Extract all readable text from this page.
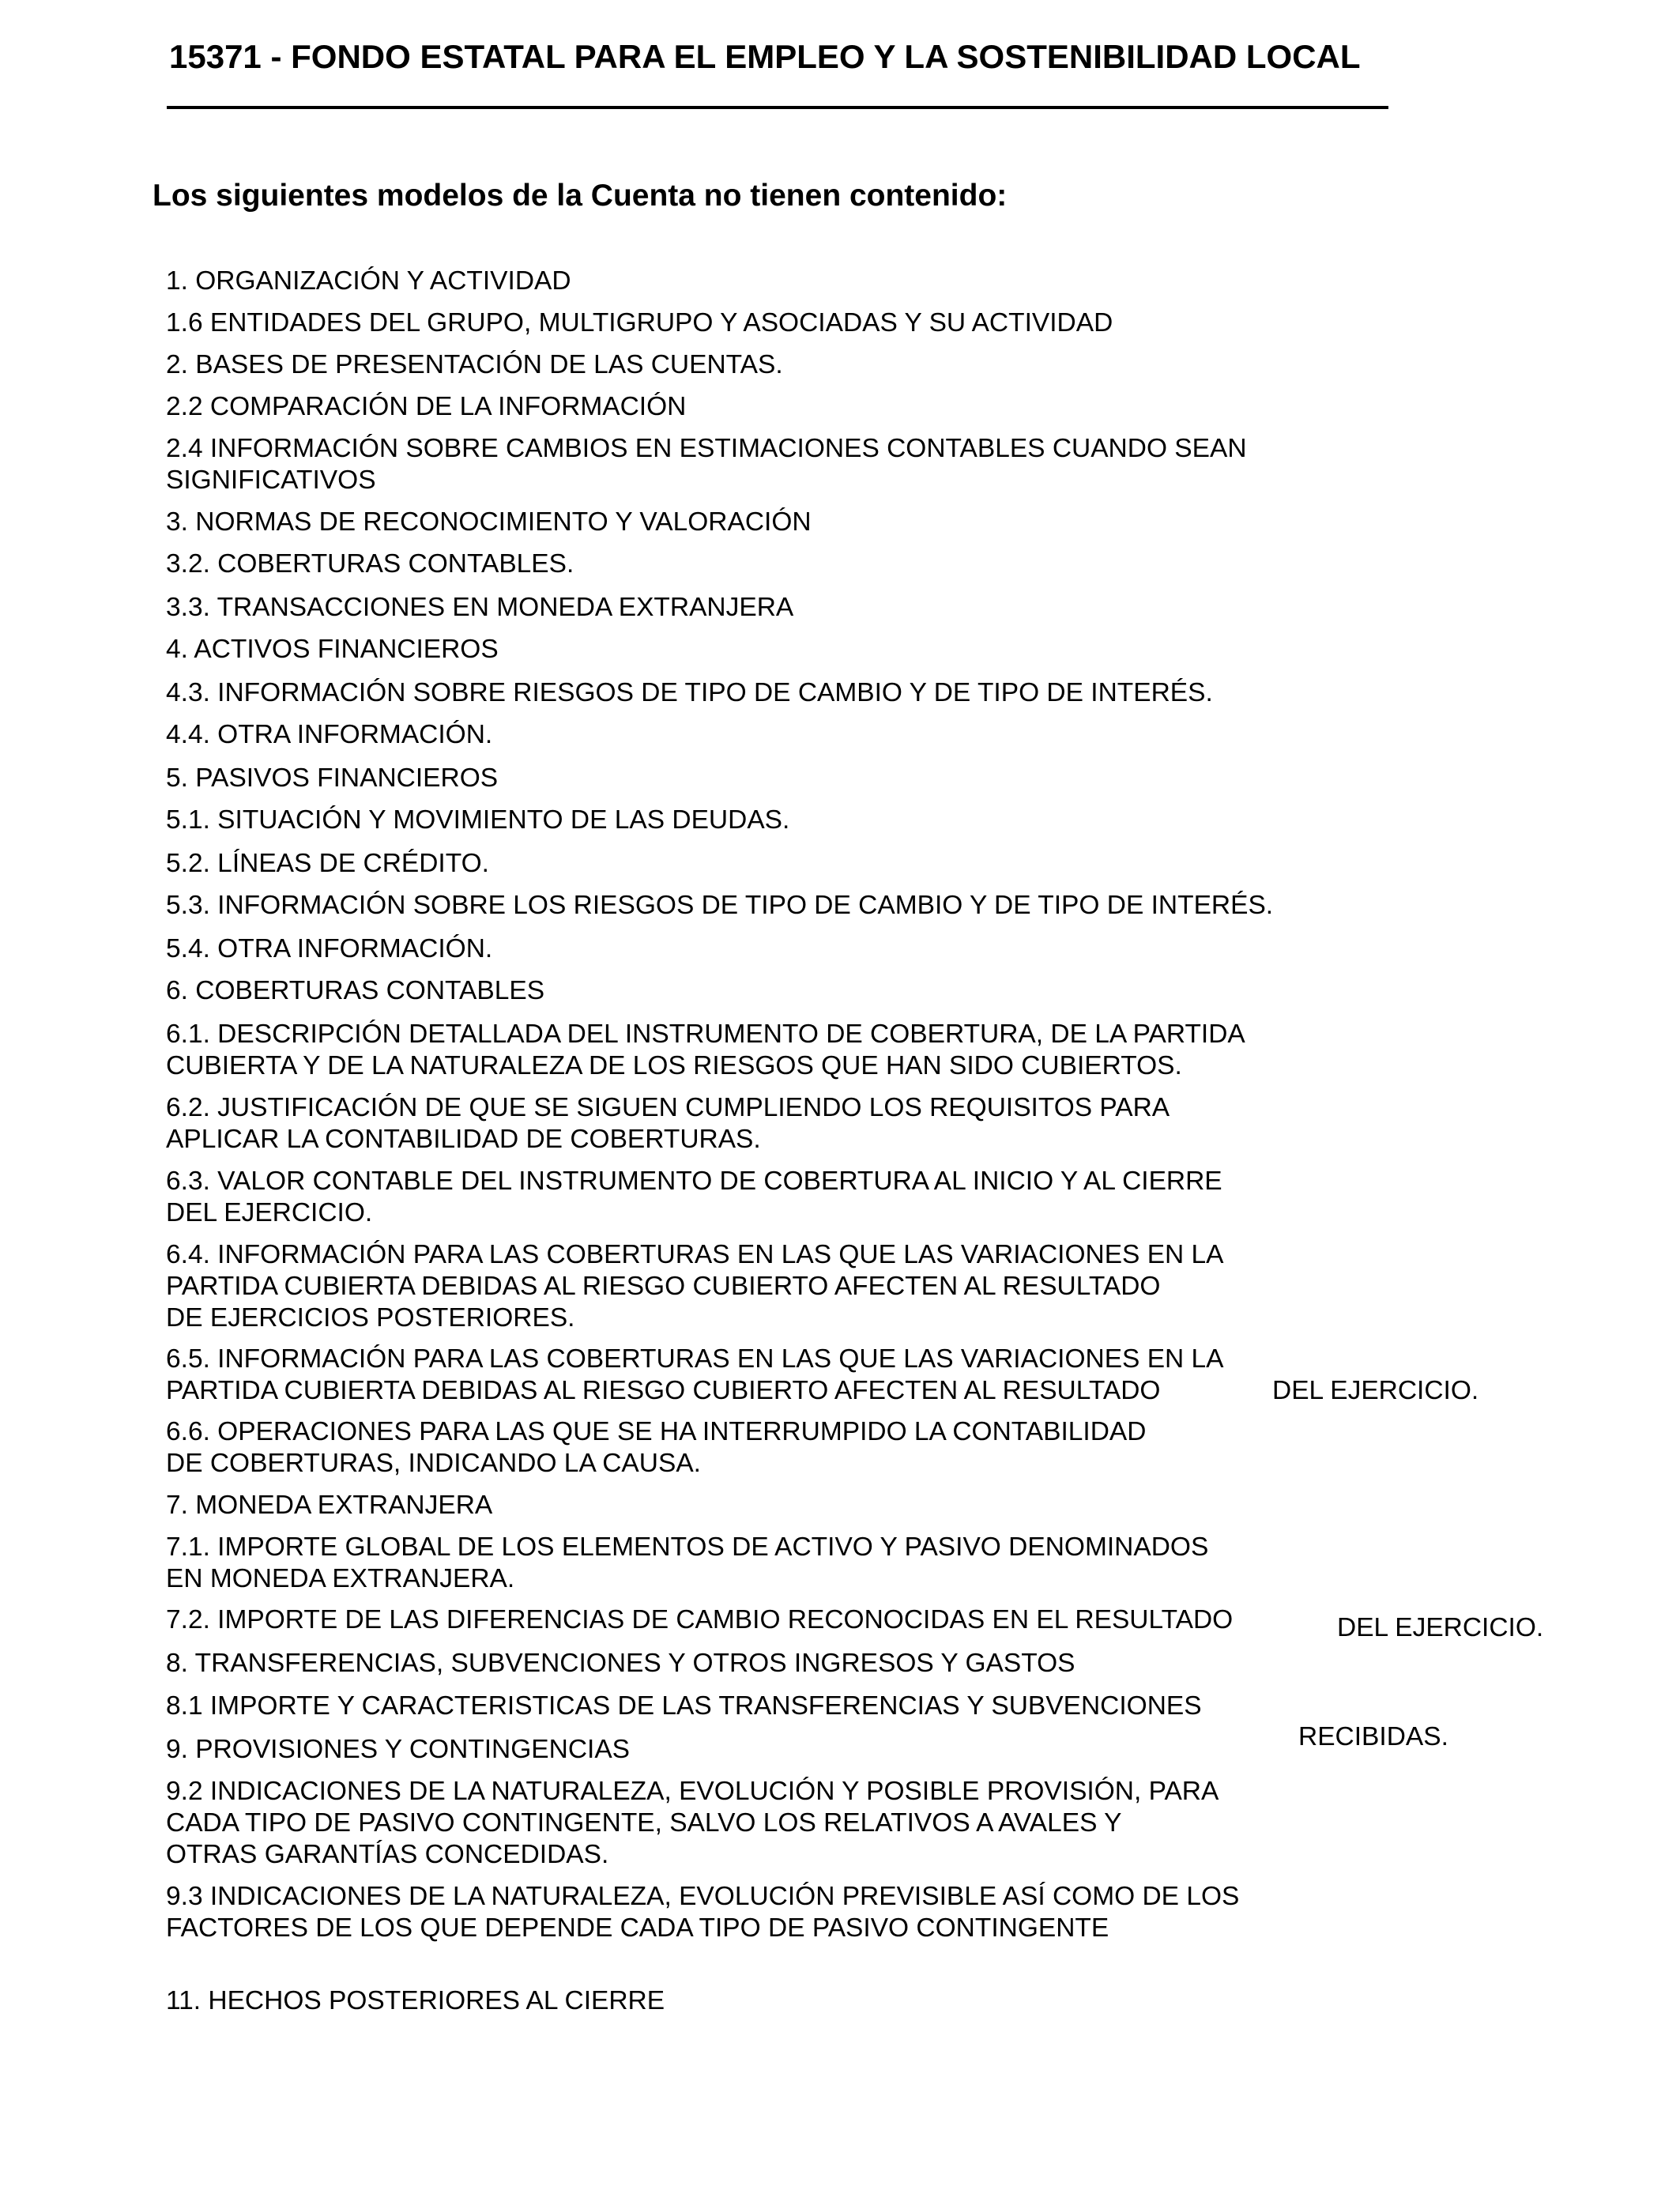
15371 - FONDO ESTATAL PARA EL EMPLEO Y LA SOSTENIBILIDAD LOCAL

Los siguientes modelos de la Cuenta no tienen contenido:

1. ORGANIZACIÓN Y ACTIVIDAD

1.6 ENTIDADES DEL GRUPO, MULTIGRUPO Y ASOCIADAS Y SU ACTIVIDAD

2. BASES DE PRESENTACIÓN DE LAS CUENTAS.

2.2 COMPARACIÓN DE LA INFORMACIÓN

2.4 INFORMACIÓN SOBRE CAMBIOS EN ESTIMACIONES CONTABLES CUANDO SEAN
SIGNIFICATIVOS

3. NORMAS DE RECONOCIMIENTO Y VALORACIÓN

3.2. COBERTURAS CONTABLES.

3.3. TRANSACCIONES EN MONEDA EXTRANJERA

4. ACTIVOS FINANCIEROS

4.3. INFORMACIÓN SOBRE RIESGOS DE TIPO DE CAMBIO Y DE TIPO DE INTERÉS.

4.4. OTRA INFORMACIÓN.

5. PASIVOS FINANCIEROS

5.1. SITUACIÓN Y MOVIMIENTO DE LAS DEUDAS.

5.2. LÍNEAS DE CRÉDITO.

5.3. INFORMACIÓN SOBRE LOS RIESGOS DE TIPO DE CAMBIO Y DE TIPO DE INTERÉS.

5.4. OTRA INFORMACIÓN.

6. COBERTURAS CONTABLES

6.1. DESCRIPCIÓN DETALLADA DEL INSTRUMENTO DE COBERTURA, DE LA PARTIDA
CUBIERTA Y DE LA NATURALEZA DE LOS RIESGOS QUE HAN SIDO CUBIERTOS.

6.2. JUSTIFICACIÓN DE QUE SE SIGUEN CUMPLIENDO LOS REQUISITOS PARA
APLICAR LA CONTABILIDAD DE COBERTURAS.

6.3. VALOR CONTABLE DEL INSTRUMENTO DE COBERTURA AL INICIO Y AL CIERRE
DEL EJERCICIO.

6.4. INFORMACIÓN PARA LAS COBERTURAS EN LAS QUE LAS VARIACIONES EN LA
PARTIDA CUBIERTA DEBIDAS AL RIESGO CUBIERTO AFECTEN AL RESULTADO
DE EJERCICIOS POSTERIORES.

6.5. INFORMACIÓN PARA LAS COBERTURAS EN LAS QUE LAS VARIACIONES EN LA
PARTIDA CUBIERTA DEBIDAS AL RIESGO CUBIERTO AFECTEN AL RESULTADO	DEL EJERCICIO.

6.6. OPERACIONES PARA LAS QUE SE HA INTERRUMPIDO LA CONTABILIDAD
DE COBERTURAS, INDICANDO LA CAUSA.

7. MONEDA EXTRANJERA

7.1. IMPORTE GLOBAL DE LOS ELEMENTOS DE ACTIVO Y PASIVO DENOMINADOS
EN MONEDA EXTRANJERA.

7.2. IMPORTE DE LAS DIFERENCIAS DE CAMBIO RECONOCIDAS EN EL RESULTADO	DEL EJERCICIO.

8. TRANSFERENCIAS, SUBVENCIONES Y OTROS INGRESOS Y GASTOS

8.1 IMPORTE Y CARACTERISTICAS DE LAS TRANSFERENCIAS Y SUBVENCIONES

RECIBIDAS.

9. PROVISIONES Y CONTINGENCIAS

9.2 INDICACIONES DE LA NATURALEZA, EVOLUCIÓN Y POSIBLE PROVISIÓN, PARA
CADA TIPO DE PASIVO CONTINGENTE, SALVO LOS RELATIVOS A AVALES Y
OTRAS GARANTÍAS CONCEDIDAS.

9.3 INDICACIONES DE LA NATURALEZA, EVOLUCIÓN PREVISIBLE ASÍ COMO DE LOS
FACTORES DE LOS QUE DEPENDE CADA TIPO DE PASIVO CONTINGENTE

11. HECHOS POSTERIORES AL CIERRE
